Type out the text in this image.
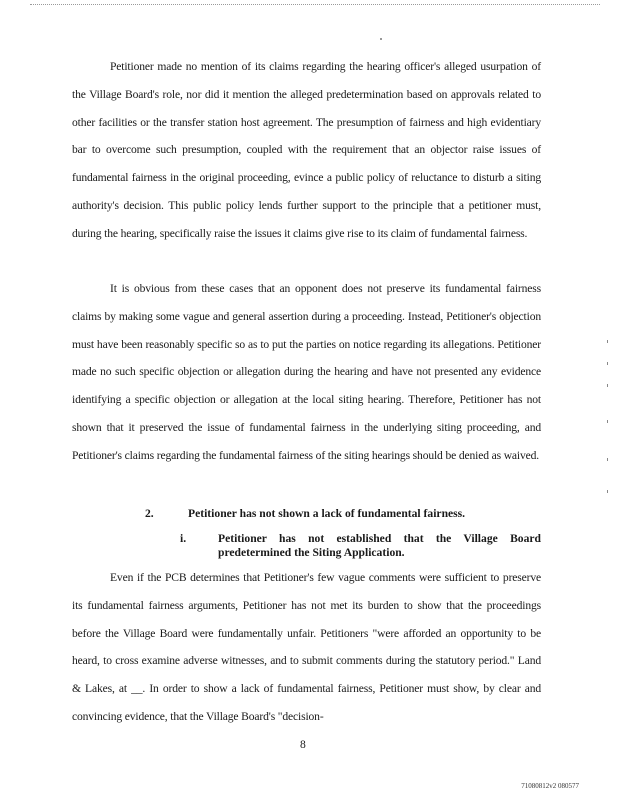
Petitioner made no mention of its claims regarding the hearing officer's alleged usurpation of the Village Board's role, nor did it mention the alleged predetermination based on approvals related to other facilities or the transfer station host agreement. The presumption of fairness and high evidentiary bar to overcome such presumption, coupled with the requirement that an objector raise issues of fundamental fairness in the original proceeding, evince a public policy of reluctance to disturb a siting authority's decision. This public policy lends further support to the principle that a petitioner must, during the hearing, specifically raise the issues it claims give rise to its claim of fundamental fairness.

It is obvious from these cases that an opponent does not preserve its fundamental fairness claims by making some vague and general assertion during a proceeding. Instead, Petitioner's objection must have been reasonably specific so as to put the parties on notice regarding its allegations. Petitioner made no such specific objection or allegation during the hearing and have not presented any evidence identifying a specific objection or allegation at the local siting hearing. Therefore, Petitioner has not shown that it preserved the issue of fundamental fairness in the underlying siting proceeding, and Petitioner's claims regarding the fundamental fairness of the siting hearings should be denied as waived.

2.	Petitioner has not shown a lack of fundamental fairness.
i.	Petitioner has not established that the Village Board predetermined the Siting Application.

Even if the PCB determines that Petitioner's few vague comments were sufficient to preserve its fundamental fairness arguments, Petitioner has not met its burden to show that the proceedings before the Village Board were fundamentally unfair. Petitioners "were afforded an opportunity to be heard, to cross examine adverse witnesses, and to submit comments during the statutory period." Land & Lakes, at __. In order to show a lack of fundamental fairness, Petitioner must show, by clear and convincing evidence, that the Village Board's "decision-

8
71080812v2 080577
